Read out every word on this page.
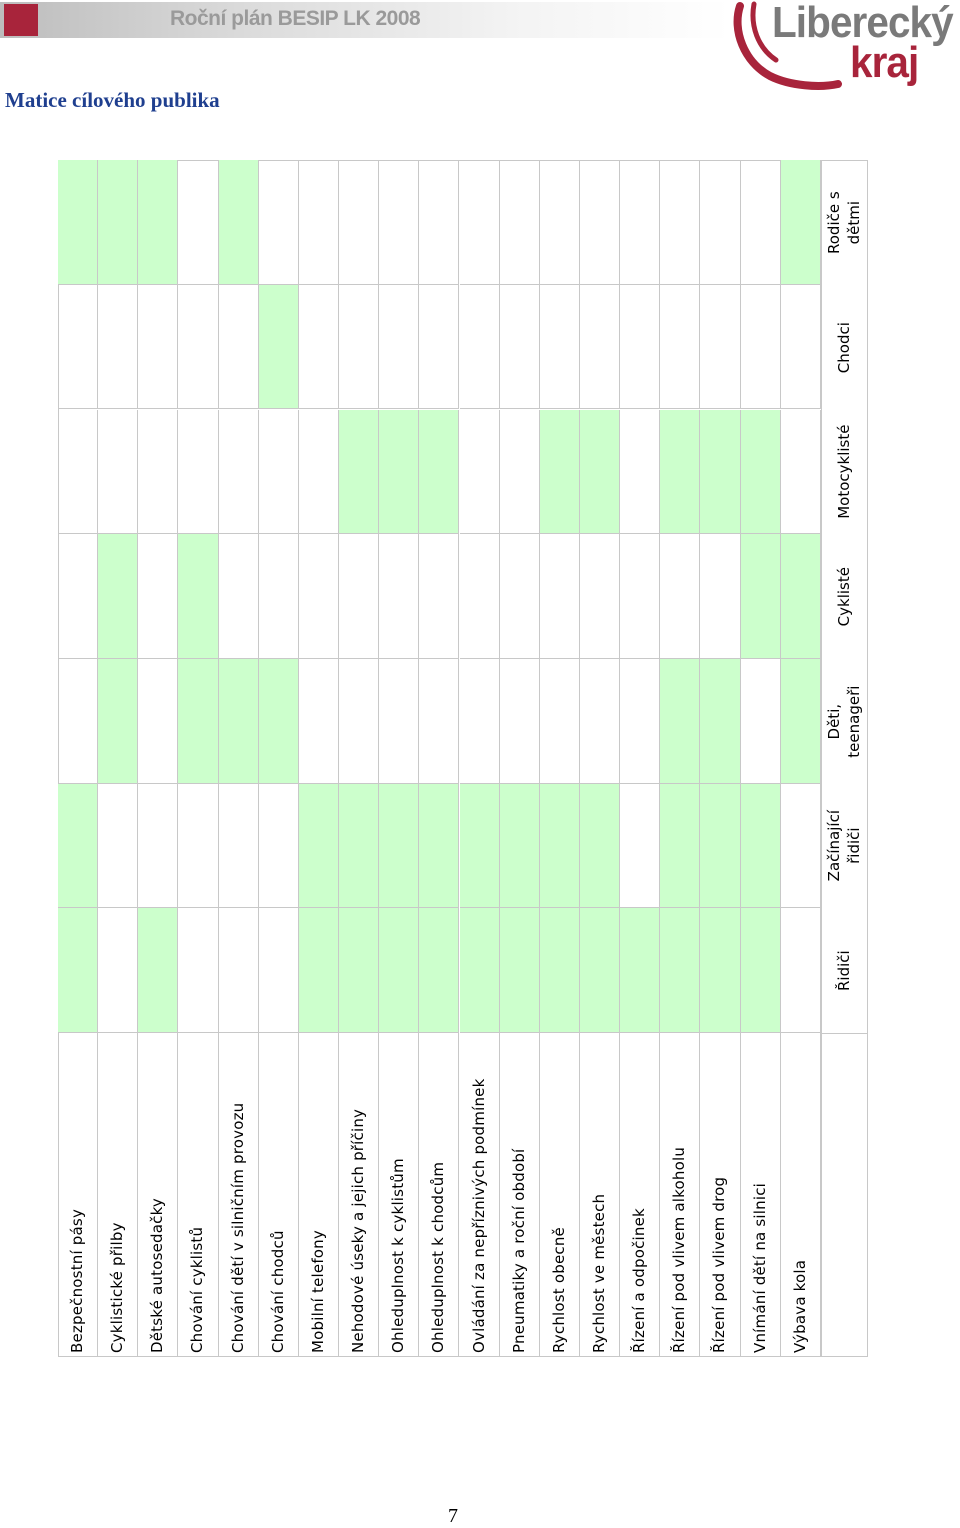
Roční plán BESIP LK 2008	Liberecký
kraj
Matice cílového publika
Bezpečnostní pásy Cyklistické přilby Dětské autosedačky Chování cyklistů Chování dětí v silničním provozu Chování chodců Mobilní telefony Nehodové úseky a jejich příčiny Ohleduplnost k cyklistům Ohleduplnost k chodcům Ovládání za nepříznivých podmínek Pneumatiky a roční období Rychlost obecně Rychlost ve městech Řízení a odpočinek Řízení pod vlivem alkoholu Řízení pod vlivem drog Vnímání dětí na silnici Výbava kola
Řidiči
Začínající řidiči
Děti, teenageři
Cyklisté
Motocyklisté
Chodci
Rodiče s dětmi
7
